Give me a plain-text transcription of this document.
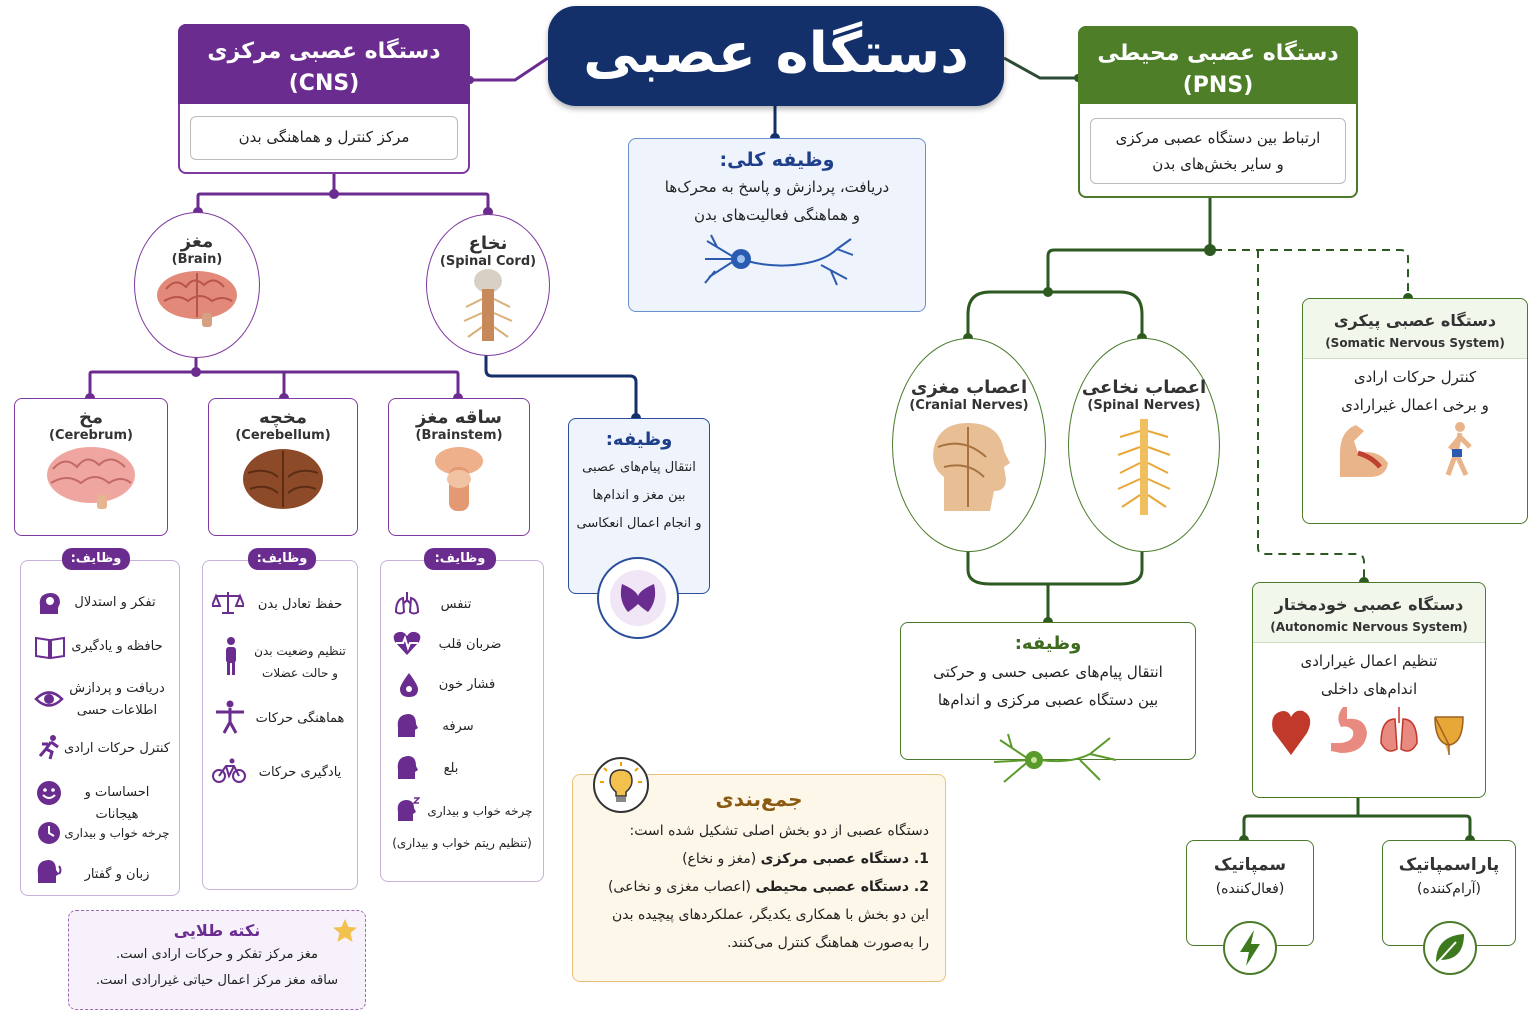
دستگاه عصبی
دستگاه عصبی مرکزی
(CNS)
مرکز کنترل و هماهنگی بدن
وظیفه کلی:
دریافت، پردازش و پاسخ به محرک‌ها
و هماهنگی فعالیت‌های بدن
دستگاه عصبی محیطی
(PNS)
ارتباط بین دستگاه عصبی مرکزی
و سایر بخش‌های بدن
مغز
(Brain)
نخاع
(Spinal Cord)
مخ
(Cerebrum)
مخچه
(Cerebellum)
ساقه مغز
(Brainstem)	وظیفه:
انتقال پیام‌های عصبی
بین مغز و اندام‌ها
و انجام اعمال انعکاسی
وظایف:
تفکر و استدلال
حافظه و یادگیری
دریافت و پردازش
اطلاعات حسی
کنترل حرکات ارادی
احساسات و هیجانات
چرخه خواب و بیداری
زبان و گفتار
وظایف:
حفظ تعادل بدن
تنظیم وضعیت بدن
و حالت عضلات
هماهنگی حرکات
یادگیری حرکات
وظایف:
تنفس
ضربان قلب
فشار خون
سرفه
بلع
چرخه خواب و بیداری
(تنظیم ریتم خواب و بیداری)
نکته طلایی
مغز مرکز تفکر و حرکات ارادی است.
ساقه مغز مرکز اعمال حیاتی غیرارادی است.
جمع‌بندی
دستگاه عصبی از دو بخش اصلی تشکیل شده است:
1. دستگاه عصبی مرکزی (مغز و نخاع)
2. دستگاه عصبی محیطی (اعصاب مغزی و نخاعی)
این دو بخش با همکاری یکدیگر، عملکردهای پیچیده بدن
را به‌صورت هماهنگ کنترل می‌کنند.
اعصاب مغزی
(Cranial Nerves)
اعصاب نخاعی
(Spinal Nerves)
وظیفه:
انتقال پیام‌های عصبی حسی و حرکتی
بین دستگاه عصبی مرکزی و اندام‌ها
دستگاه عصبی پیکری
(Somatic Nervous System)
کنترل حرکات ارادی
و برخی اعمال غیرارادی
دستگاه عصبی خودمختار
(Autonomic Nervous System)
تنظیم اعمال غیرارادی
اندام‌های داخلی
سمپاتیک
(فعال‌کننده)
پاراسمپاتیک
(آرام‌کننده)
